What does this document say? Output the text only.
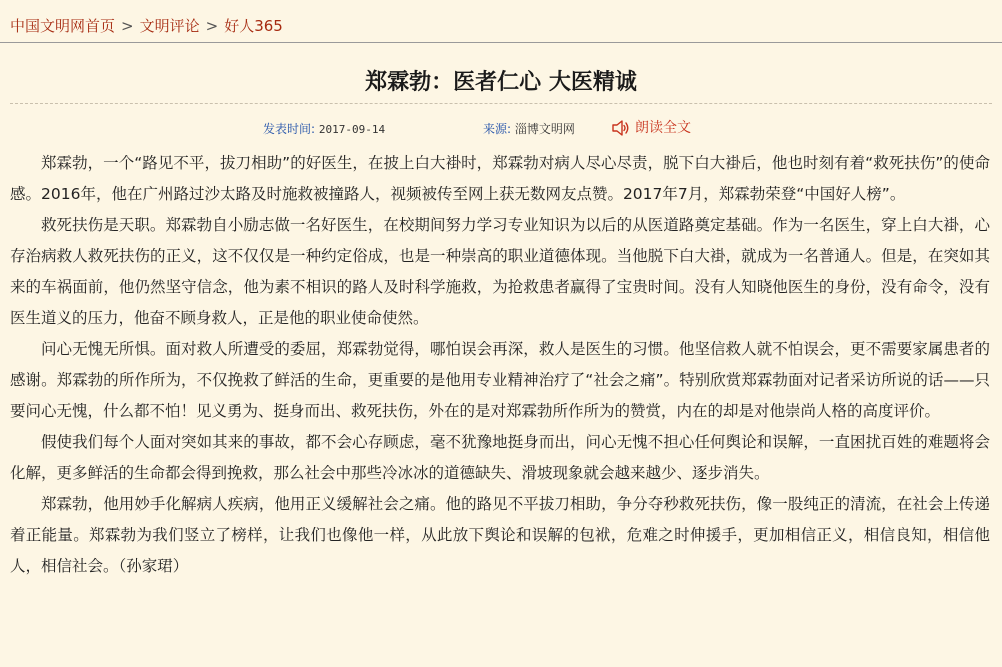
中国文明网首页 > 文明评论 > 好人365
郑霖勃：医者仁心 大医精诚
发表时间: 2017-09-14	来源: 淄博文明网	朗读全文

郑霖勃，一个“路见不平，拔刀相助”的好医生，在披上白大褂时，郑霖勃对病人尽心尽责，脱下白大褂后，他也时刻有着“救死扶伤”的使命感。2016年，他在广州路过沙太路及时施救被撞路人，视频被传至网上获无数网友点赞。2017年7月，郑霖勃荣登“中国好人榜”。

救死扶伤是天职。郑霖勃自小励志做一名好医生，在校期间努力学习专业知识为以后的从医道路奠定基础。作为一名医生，穿上白大褂，心存治病救人救死扶伤的正义，这不仅仅是一种约定俗成，也是一种崇高的职业道德体现。当他脱下白大褂，就成为一名普通人。但是，在突如其来的车祸面前，他仍然坚守信念，他为素不相识的路人及时科学施救，为抢救患者赢得了宝贵时间。没有人知晓他医生的身份，没有命令，没有医生道义的压力，他奋不顾身救人，正是他的职业使命使然。

问心无愧无所惧。面对救人所遭受的委屈，郑霖勃觉得，哪怕误会再深，救人是医生的习惯。他坚信救人就不怕误会，更不需要家属患者的感谢。郑霖勃的所作所为，不仅挽救了鲜活的生命，更重要的是他用专业精神治疗了“社会之痛”。特别欣赏郑霖勃面对记者采访所说的话——只要问心无愧，什么都不怕！见义勇为、挺身而出、救死扶伤，外在的是对郑霖勃所作所为的赞赏，内在的却是对他崇尚人格的高度评价。

假使我们每个人面对突如其来的事故，都不会心存顾虑，毫不犹豫地挺身而出，问心无愧不担心任何舆论和误解，一直困扰百姓的难题将会化解，更多鲜活的生命都会得到挽救，那么社会中那些冷冰冰的道德缺失、滑坡现象就会越来越少、逐步消失。

郑霖勃，他用妙手化解病人疾病，他用正义缓解社会之痛。他的路见不平拔刀相助，争分夺秒救死扶伤，像一股纯正的清流，在社会上传递着正能量。郑霖勃为我们竖立了榜样，让我们也像他一样，从此放下舆论和误解的包袱，危难之时伸援手，更加相信正义，相信良知，相信他人，相信社会。（孙家珺）
